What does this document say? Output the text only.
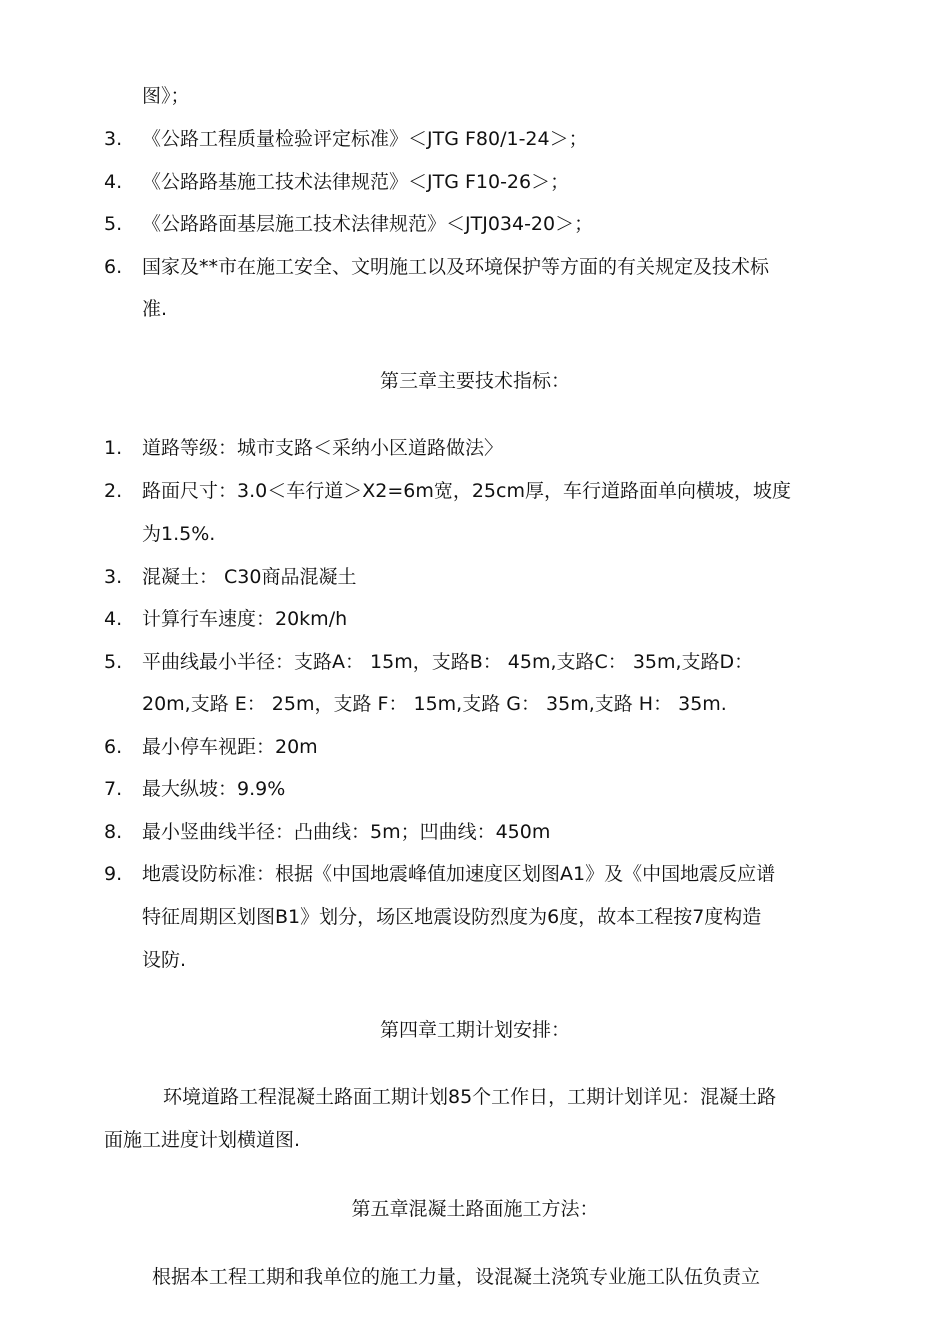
图》；
3. 《公路工程质量检验评定标准》＜JTG F80/1-24＞；
4. 《公路路基施工技术法律规范》＜JTG F10-26＞；
5. 《公路路面基层施工技术法律规范》＜JTJ034-20＞；
6. 国家及**市在施工安全、文明施工以及环境保护等方面的有关规定及技术标
准.
第三章主要技术指标：
1. 道路等级：城市支路＜采纳小区道路做法〉
2. 路面尺寸：3.0＜车行道＞X2=6m宽，25cm厚，车行道路面单向横坡，坡度
为1.5%.
3. 混凝土： C30商品混凝土
4. 计算行车速度：20km/h
5. 平曲线最小半径：支路A： 15m，支路B： 45m,支路C： 35m,支路D：
20m,支路 E： 25m，支路 F： 15m,支路 G： 35m,支路 H： 35m.
6. 最小停车视距：20m
7. 最大纵坡：9.9%
8. 最小竖曲线半径：凸曲线：5m；凹曲线：450m
9. 地震设防标准：根据《中国地震峰值加速度区划图A1》及《中国地震反应谱
特征周期区划图B1》划分，场区地震设防烈度为6度，故本工程按7度构造
设防.
第四章工期计划安排：
环境道路工程混凝土路面工期计划85个工作日，工期计划详见：混凝土路
面施工进度计划横道图.
第五章混凝土路面施工方法：
根据本工程工期和我单位的施工力量，设混凝土浇筑专业施工队伍负责立
